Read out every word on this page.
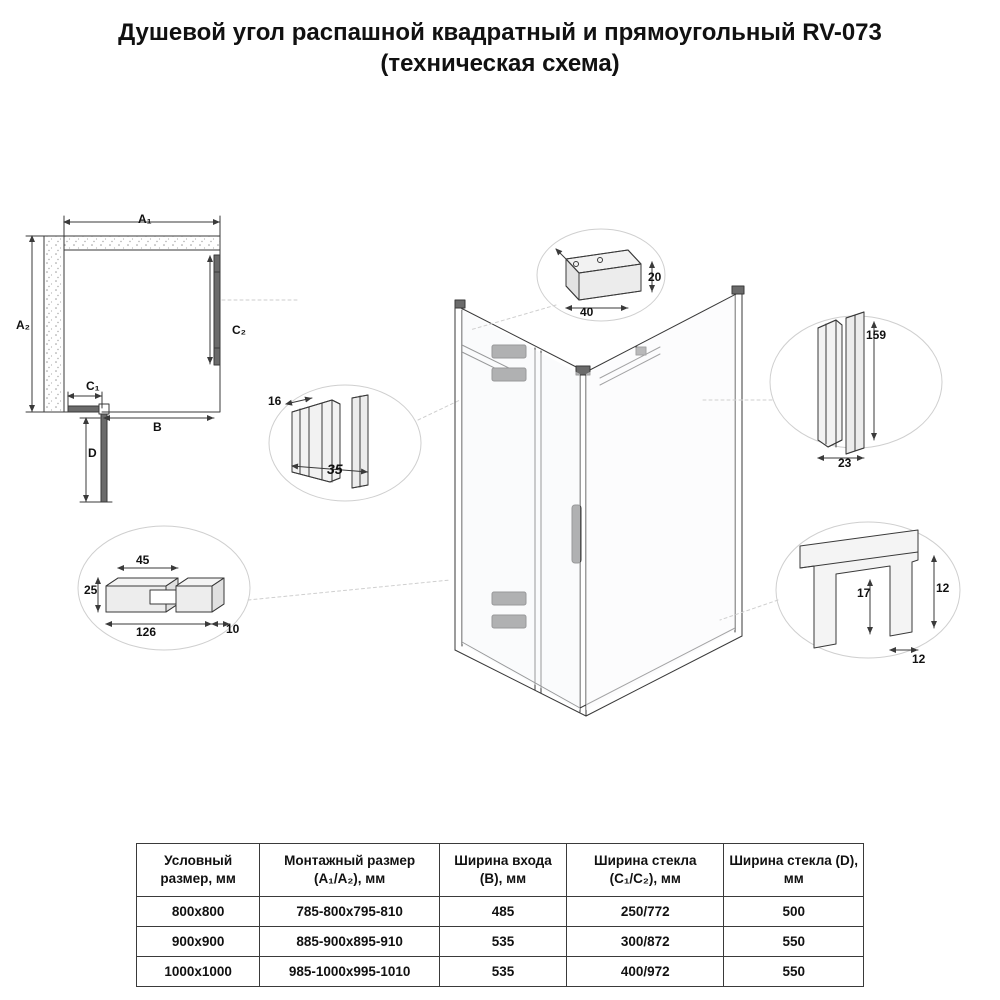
Душевой угол распашной квадратный и прямоугольный RV-073
(техническая схема)
A₁
A₂	C₂
C₁
B
D
16
35
45
25
126	10
40
20
159
23
12
17
12
Условный размер, мм	Монтажный размер (A₁/A₂), мм	Ширина входа (B), мм	Ширина стекла (C₁/C₂), мм	Ширина стекла (D), мм
800х800	785-800х795-810	485	250/772	500
900х900	885-900х895-910	535	300/872	550
1000х1000	985-1000х995-1010	535	400/972	550
